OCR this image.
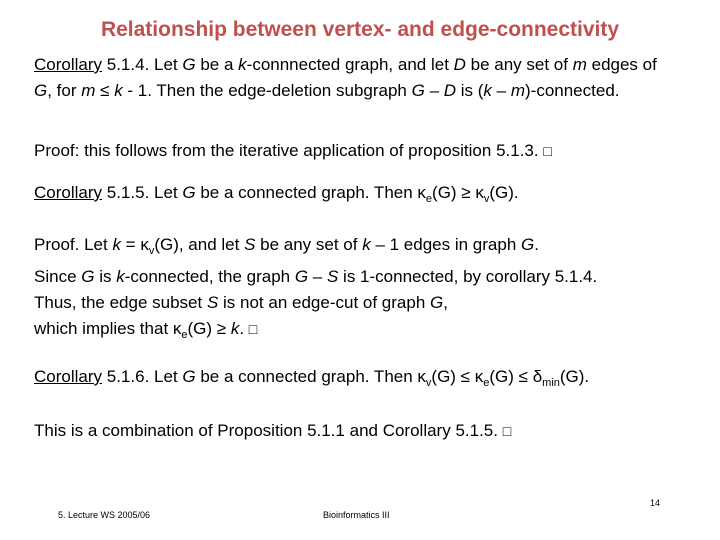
Relationship between vertex- and edge-connectivity
Corollary 5.1.4. Let G be a k-connnected graph, and let D be any set of m edges of
G, for m ≤ k - 1. Then the edge-deletion subgraph G – D is (k – m)-connected.
Proof: this follows from the iterative application of proposition 5.1.3. □
Corollary 5.1.5. Let G be a connected graph. Then $\kappa_e(G) \ge \kappa_v(G)$.
Proof. Let $k = \kappa_v(G)$, and let S be any set of k – 1 edges in graph G.
Since G is k-connected, the graph G – S is 1-connected, by corollary 5.1.4.
Thus, the edge subset S is not an edge-cut of graph G,
which implies that $\kappa_e(G) \ge k$. □
Corollary 5.1.6. Let G be a connected graph. Then $\kappa_v(G) \le \kappa_e(G) \le \delta_{min}(G)$.
This is a combination of Proposition 5.1.1 and Corollary 5.1.5. □
14
5. Lecture WS 2005/06	Bioinformatics III
